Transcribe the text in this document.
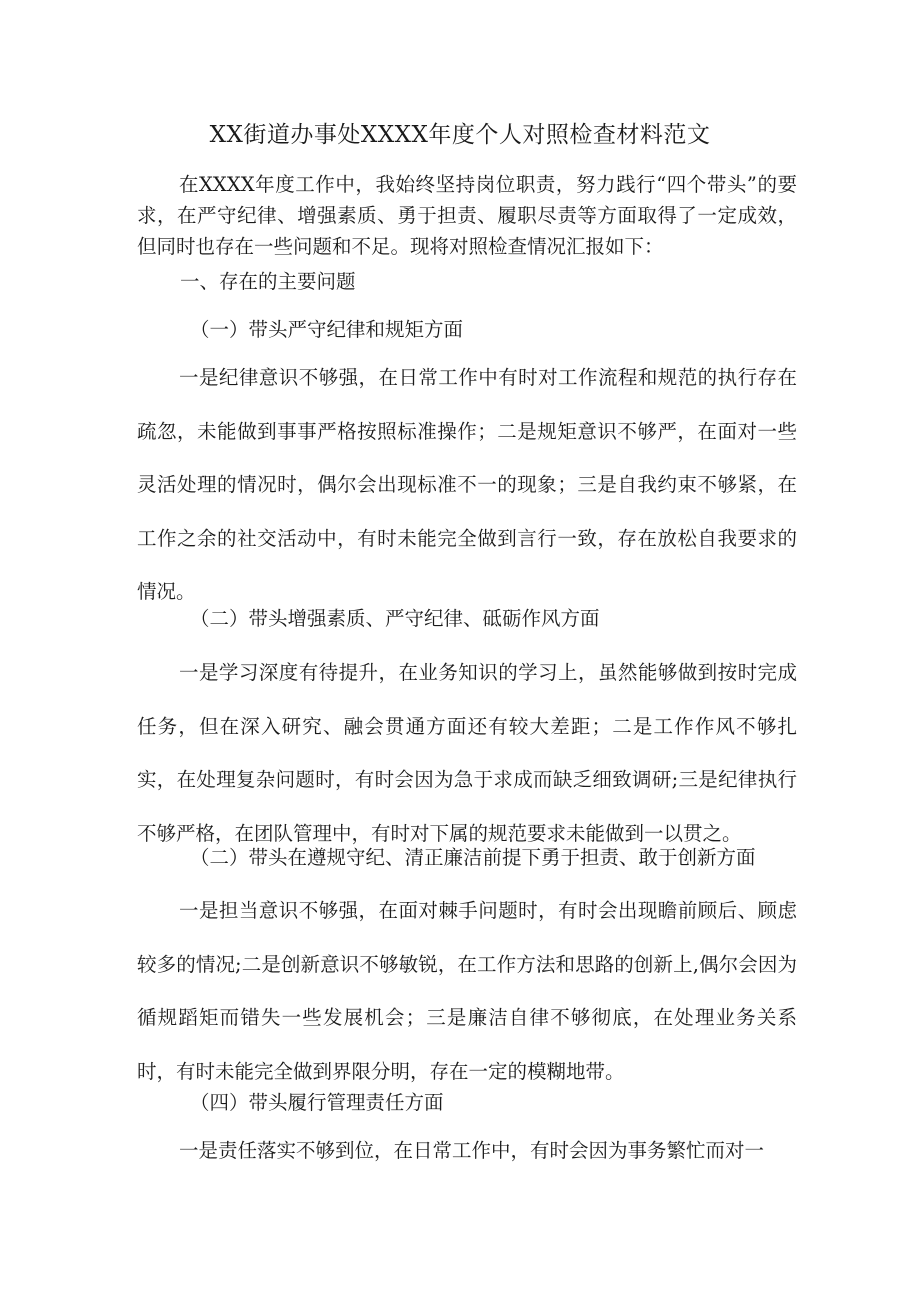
XX街道办事处XXXX年度个人对照检查材料范文

在XXXX年度工作中，我始终坚持岗位职责，努力践行“四个带头”的要求，在严守纪律、增强素质、勇于担责、履职尽责等方面取得了一定成效，但同时也存在一些问题和不足。现将对照检查情况汇报如下：

一、存在的主要问题
（一）带头严守纪律和规矩方面

一是纪律意识不够强，在日常工作中有时对工作流程和规范的执行存在疏忽，未能做到事事严格按照标准操作；二是规矩意识不够严，在面对一些灵活处理的情况时，偶尔会出现标准不一的现象；三是自我约束不够紧，在工作之余的社交活动中，有时未能完全做到言行一致，存在放松自我要求的情况。

（二）带头增强素质、严守纪律、砥砺作风方面

一是学习深度有待提升，在业务知识的学习上，虽然能够做到按时完成任务，但在深入研究、融会贯通方面还有较大差距；二是工作作风不够扎实，在处理复杂问题时，有时会因为急于求成而缺乏细致调研;三是纪律执行不够严格，在团队管理中，有时对下属的规范要求未能做到一以贯之。

（二）带头在遵规守纪、清正廉洁前提下勇于担责、敢于创新方面

一是担当意识不够强，在面对棘手问题时，有时会出现瞻前顾后、顾虑较多的情况;二是创新意识不够敏锐，在工作方法和思路的创新上,偶尔会因为循规蹈矩而错失一些发展机会；三是廉洁自律不够彻底，在处理业务关系时，有时未能完全做到界限分明，存在一定的模糊地带。

（四）带头履行管理责任方面

一是责任落实不够到位，在日常工作中，有时会因为事务繁忙而对一
